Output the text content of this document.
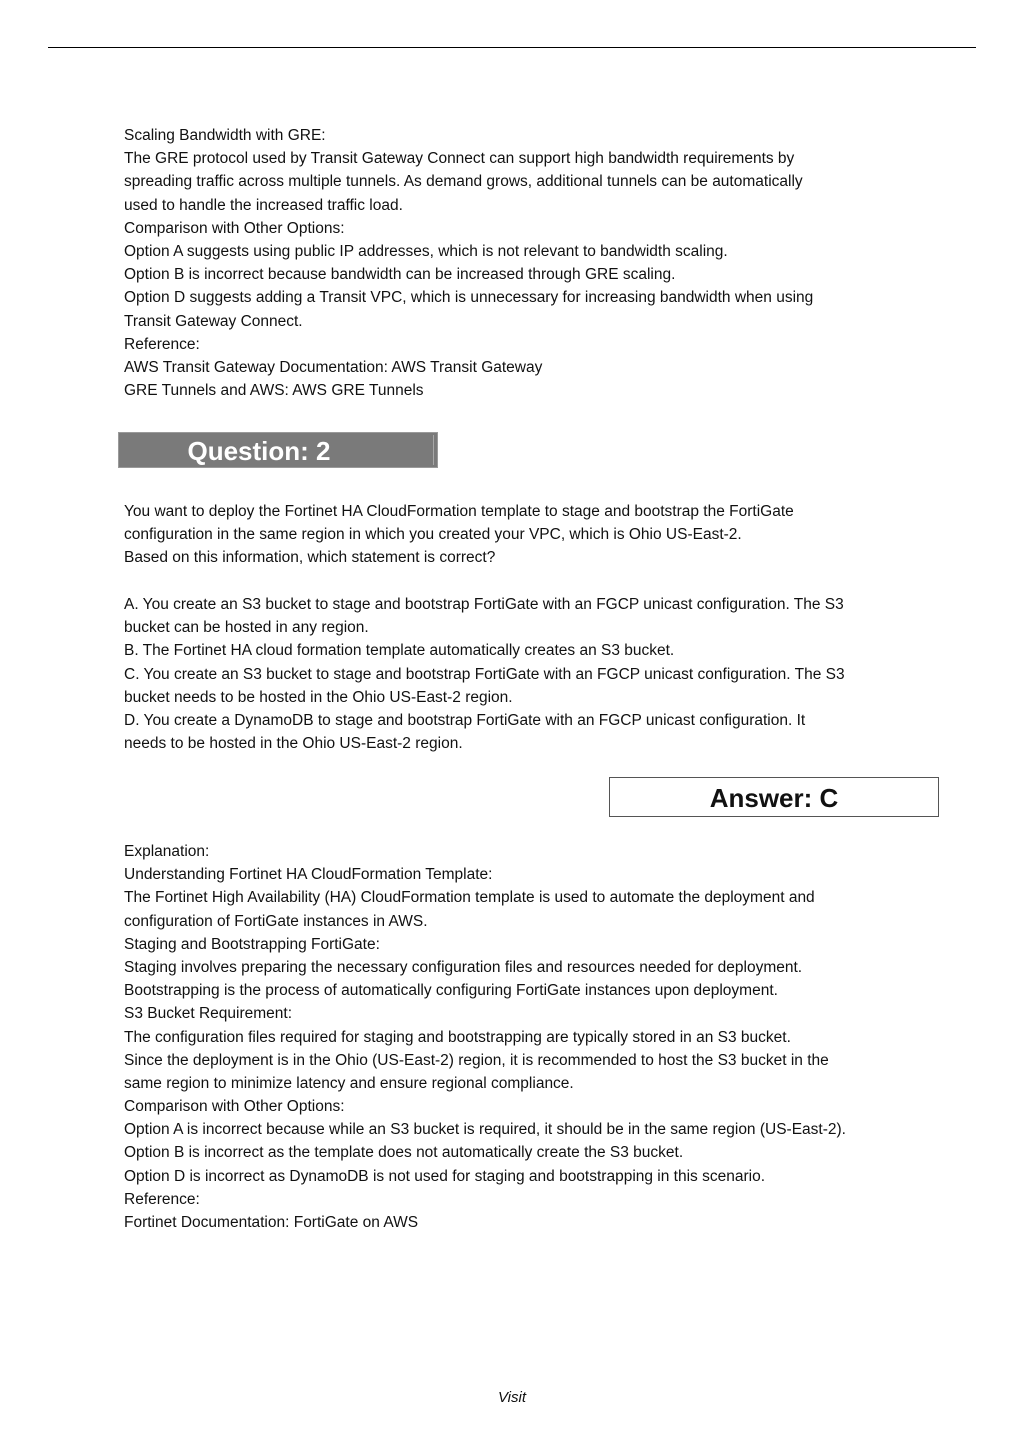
Scaling Bandwidth with GRE:
The GRE protocol used by Transit Gateway Connect can support high bandwidth requirements by
spreading traffic across multiple tunnels. As demand grows, additional tunnels can be automatically
used to handle the increased traffic load.
Comparison with Other Options:
Option A suggests using public IP addresses, which is not relevant to bandwidth scaling.
Option B is incorrect because bandwidth can be increased through GRE scaling.
Option D suggests adding a Transit VPC, which is unnecessary for increasing bandwidth when using
Transit Gateway Connect.
Reference:
AWS Transit Gateway Documentation: AWS Transit Gateway
GRE Tunnels and AWS: AWS GRE Tunnels
Question: 2
You want to deploy the Fortinet HA CloudFormation template to stage and bootstrap the FortiGate
configuration in the same region in which you created your VPC, which is Ohio US-East-2.
Based on this information, which statement is correct?
A. You create an S3 bucket to stage and bootstrap FortiGate with an FGCP unicast configuration. The S3
bucket can be hosted in any region.
B. The Fortinet HA cloud formation template automatically creates an S3 bucket.
C. You create an S3 bucket to stage and bootstrap FortiGate with an FGCP unicast configuration. The S3
bucket needs to be hosted in the Ohio US-East-2 region.
D. You create a DynamoDB to stage and bootstrap FortiGate with an FGCP unicast configuration. It
needs to be hosted in the Ohio US-East-2 region.
Answer: C
Explanation:
Understanding Fortinet HA CloudFormation Template:
The Fortinet High Availability (HA) CloudFormation template is used to automate the deployment and
configuration of FortiGate instances in AWS.
Staging and Bootstrapping FortiGate:
Staging involves preparing the necessary configuration files and resources needed for deployment.
Bootstrapping is the process of automatically configuring FortiGate instances upon deployment.
S3 Bucket Requirement:
The configuration files required for staging and bootstrapping are typically stored in an S3 bucket.
Since the deployment is in the Ohio (US-East-2) region, it is recommended to host the S3 bucket in the
same region to minimize latency and ensure regional compliance.
Comparison with Other Options:
Option A is incorrect because while an S3 bucket is required, it should be in the same region (US-East-2).
Option B is incorrect as the template does not automatically create the S3 bucket.
Option D is incorrect as DynamoDB is not used for staging and bootstrapping in this scenario.
Reference:
Fortinet Documentation: FortiGate on AWS
Visit
